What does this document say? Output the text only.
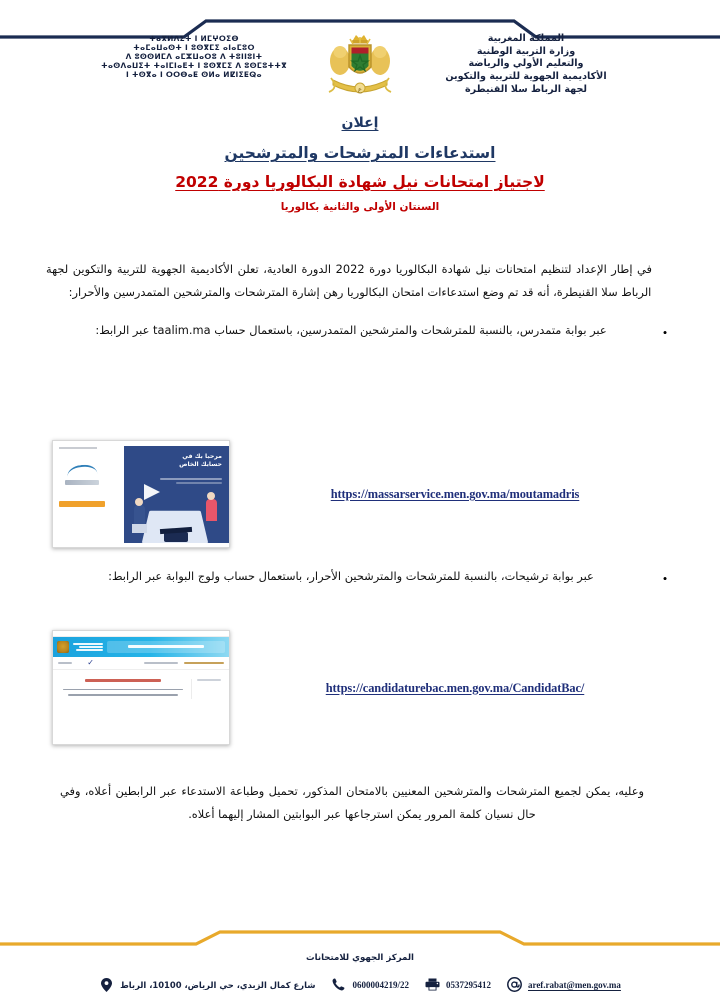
المملكة المغربية
وزارة التربية الوطنية
والتعليم الأولي والرياضة
الأكاديمية الجهوية للتربية والتكوين
لجهة الرباط سلا القنيطرة
ع
ⵜⴰⴳⵍⴷⵉⵜ ⵏ ⵍⵎⵖⵔⵉⴱ
ⵜⴰⵎⴰⵡⴰⵙⵜ ⵏ ⵓⵙⴳⵎⵉ ⴰⵏⴰⵎⵓⵔ
ⴷ ⵓⵙⵙⵍⵎⴷ ⴰⵎⵣⵡⴰⵔⵓ ⴷ ⵜⵓⵏⵏⵓⵏⵜ
ⵜⴰⵙⴷⴰⵡⵉⵜ ⵜⴰⵏⵎⵏⴰⴹⵜ ⵏ ⵓⵙⴳⵎⵉ ⴷ ⵓⵙⵎⵓⵜⵜⴳ
ⵏ ⵜⵙⴳⴰ ⵏ ⵔⵔⴱⴰⵟ ⵙⵍⴰ ⵍⵇⵏⵉⵟⵕⴰ
إعلان
استدعاءات المترشحات والمترشحين
لاجتياز امتحانات نيل شهادة البكالوريا دورة 2022
السنتان الأولى والثانية بكالوريا

في إطار الإعداد لتنظيم امتحانات نيل شهادة البكالوريا دورة 2022 الدورة العادية، تعلن الأكاديمية الجهوية للتربية والتكوين لجهة الرباط سلا القنيطرة، أنه قد تم وضع استدعاءات امتحان البكالوريا رهن إشارة المترشحات والمترشحين المتمدرسين والأحرار:

•
عبر بوابة متمدرس، بالنسبة للمترشحات والمترشحين المتمدرسين، باستعمال حساب taalim.ma عبر الرابط:
مرحبا بك في حسابك الخاص
https://massarservice.men.gov.ma/moutamadris
•
عبر بوابة ترشيحات، بالنسبة للمترشحات والمترشحين الأحرار، باستعمال حساب ولوج البوابة عبر الرابط:
✓
https://candidaturebac.men.gov.ma/CandidatBac/

وعليه، يمكن لجميع المترشحات والمترشحين المعنيين بالامتحان المذكور، تحميل وطباعة الاستدعاء عبر الرابطين أعلاه، وفي حال نسيان كلمة المرور يمكن استرجاعها عبر البوابتين المشار إليهما أعلاه.

المركز الجهوي للامتحانات
شارع كمال الزبدي، حي الرياض، 10100، الرباط	0600004219/22	0537295412	aref.rabat@men.gov.ma
